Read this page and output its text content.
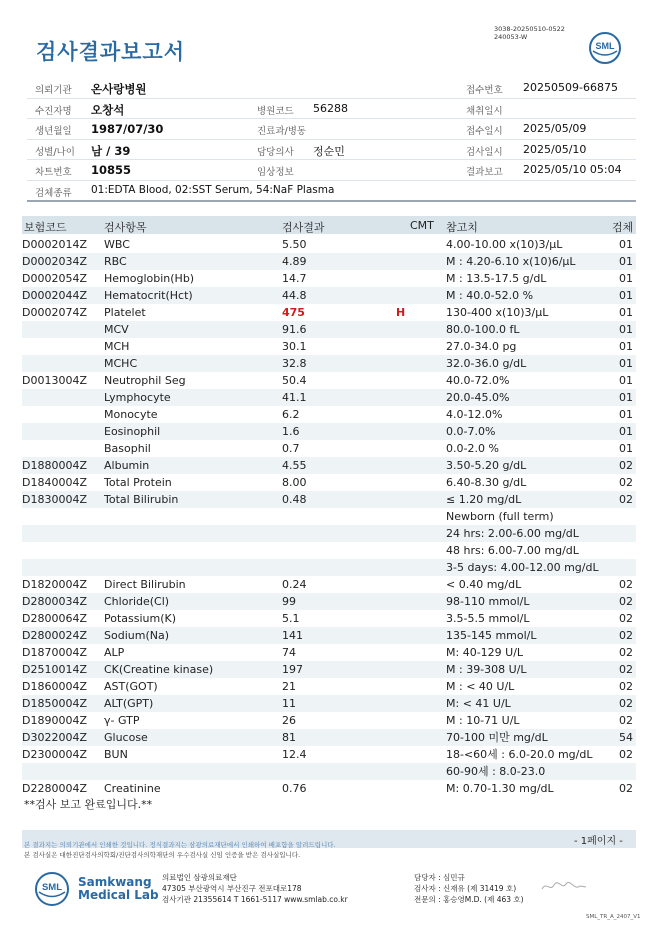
3038-20250510-0522
240053-W
검사결과보고서	SML
의뢰기관 온사랑병원	접수번호 20250509-66875
수진자명 오창석	병원코드 56288	채취일시
생년월일 1987/07/30	진료과/병동	접수일시 2025/05/09
성별/나이 남 / 39	담당의사 정순민	검사일시 2025/05/10
차트번호 10855	임상정보	결과보고 2025/05/10 05:04
검체종류 01:EDTA Blood, 02:SST Serum, 54:NaF Plasma
보험코드	검사항목	검사결과	CMT 참고치	검체
D0002014Z WBC	5.50	4.00-10.00 x(10)3/μL	01
D0002034Z RBC	4.89	M : 4.20-6.10 x(10)6/μL	01
D0002054Z Hemoglobin(Hb)	14.7	M : 13.5-17.5 g/dL	01
D0002044Z Hematocrit(Hct)	44.8	M : 40.0-52.0 %	01
D0002074Z Platelet	475	H	130-400 x(10)3/μL	01
MCV	91.6	80.0-100.0 fL	01
MCH	30.1	27.0-34.0 pg	01
MCHC	32.8	32.0-36.0 g/dL	01
D0013004Z Neutrophil Seg	50.4	40.0-72.0%	01
Lymphocyte	41.1	20.0-45.0%	01
Monocyte	6.2	4.0-12.0%	01
Eosinophil	1.6	0.0-7.0%	01
Basophil	0.7	0.0-2.0 %	01
D1880004Z Albumin	4.55	3.50-5.20 g/dL	02
D1840004Z Total Protein	8.00	6.40-8.30 g/dL	02
D1830004Z Total Bilirubin	0.48	≤ 1.20 mg/dL	02
Newborn (full term)
24 hrs: 2.00-6.00 mg/dL
48 hrs: 6.00-7.00 mg/dL
3-5 days: 4.00-12.00 mg/dL
D1820004Z Direct Bilirubin	0.24	< 0.40 mg/dL	02
D2800034Z Chloride(Cl)	99	98-110 mmol/L	02
D2800064Z Potassium(K)	5.1	3.5-5.5 mmol/L	02
D2800024Z Sodium(Na)	141	135-145 mmol/L	02
D1870004Z ALP	74	M: 40-129 U/L	02
D2510014Z CK(Creatine kinase)	197	M : 39-308 U/L	02
D1860004Z AST(GOT)	21	M : < 40 U/L	02
D1850004Z ALT(GPT)	11	M: < 41 U/L	02
D1890004Z γ- GTP	26	M : 10-71 U/L	02
D3022004Z Glucose	81	70-100 미만 mg/dL	54
D2300004Z BUN	12.4	18-<60세 : 6.0-20.0 mg/dL 02
60-90세 : 8.0-23.0
D2280004Z Creatinine	0.76	M: 0.70-1.30 mg/dL	02
**검사 보고 완료입니다.**
본 결과지는 의뢰기관에서 인쇄한 것입니다. 정식결과지는 삼광의료재단에서 인쇄하여 배포함을 알려드립니다.
본 검사실은 대한진단검사의학회/진단검사의학재단의 우수검사실 신임 인증을 받은 검사실입니다.
- 1페이지 -
SML Samkwang
Medical Lab
의료법인 삼광의료재단
47305 부산광역시 부산진구 전포대로178
검사기관 21355614 T 1661-5117 www.smlab.co.kr
담당자 : 심민규
검사자 : 신재유 (제 31419 호)
전문의 : 홍승영M.D. (제 463 호)
SML_TR_A_2407_V1
